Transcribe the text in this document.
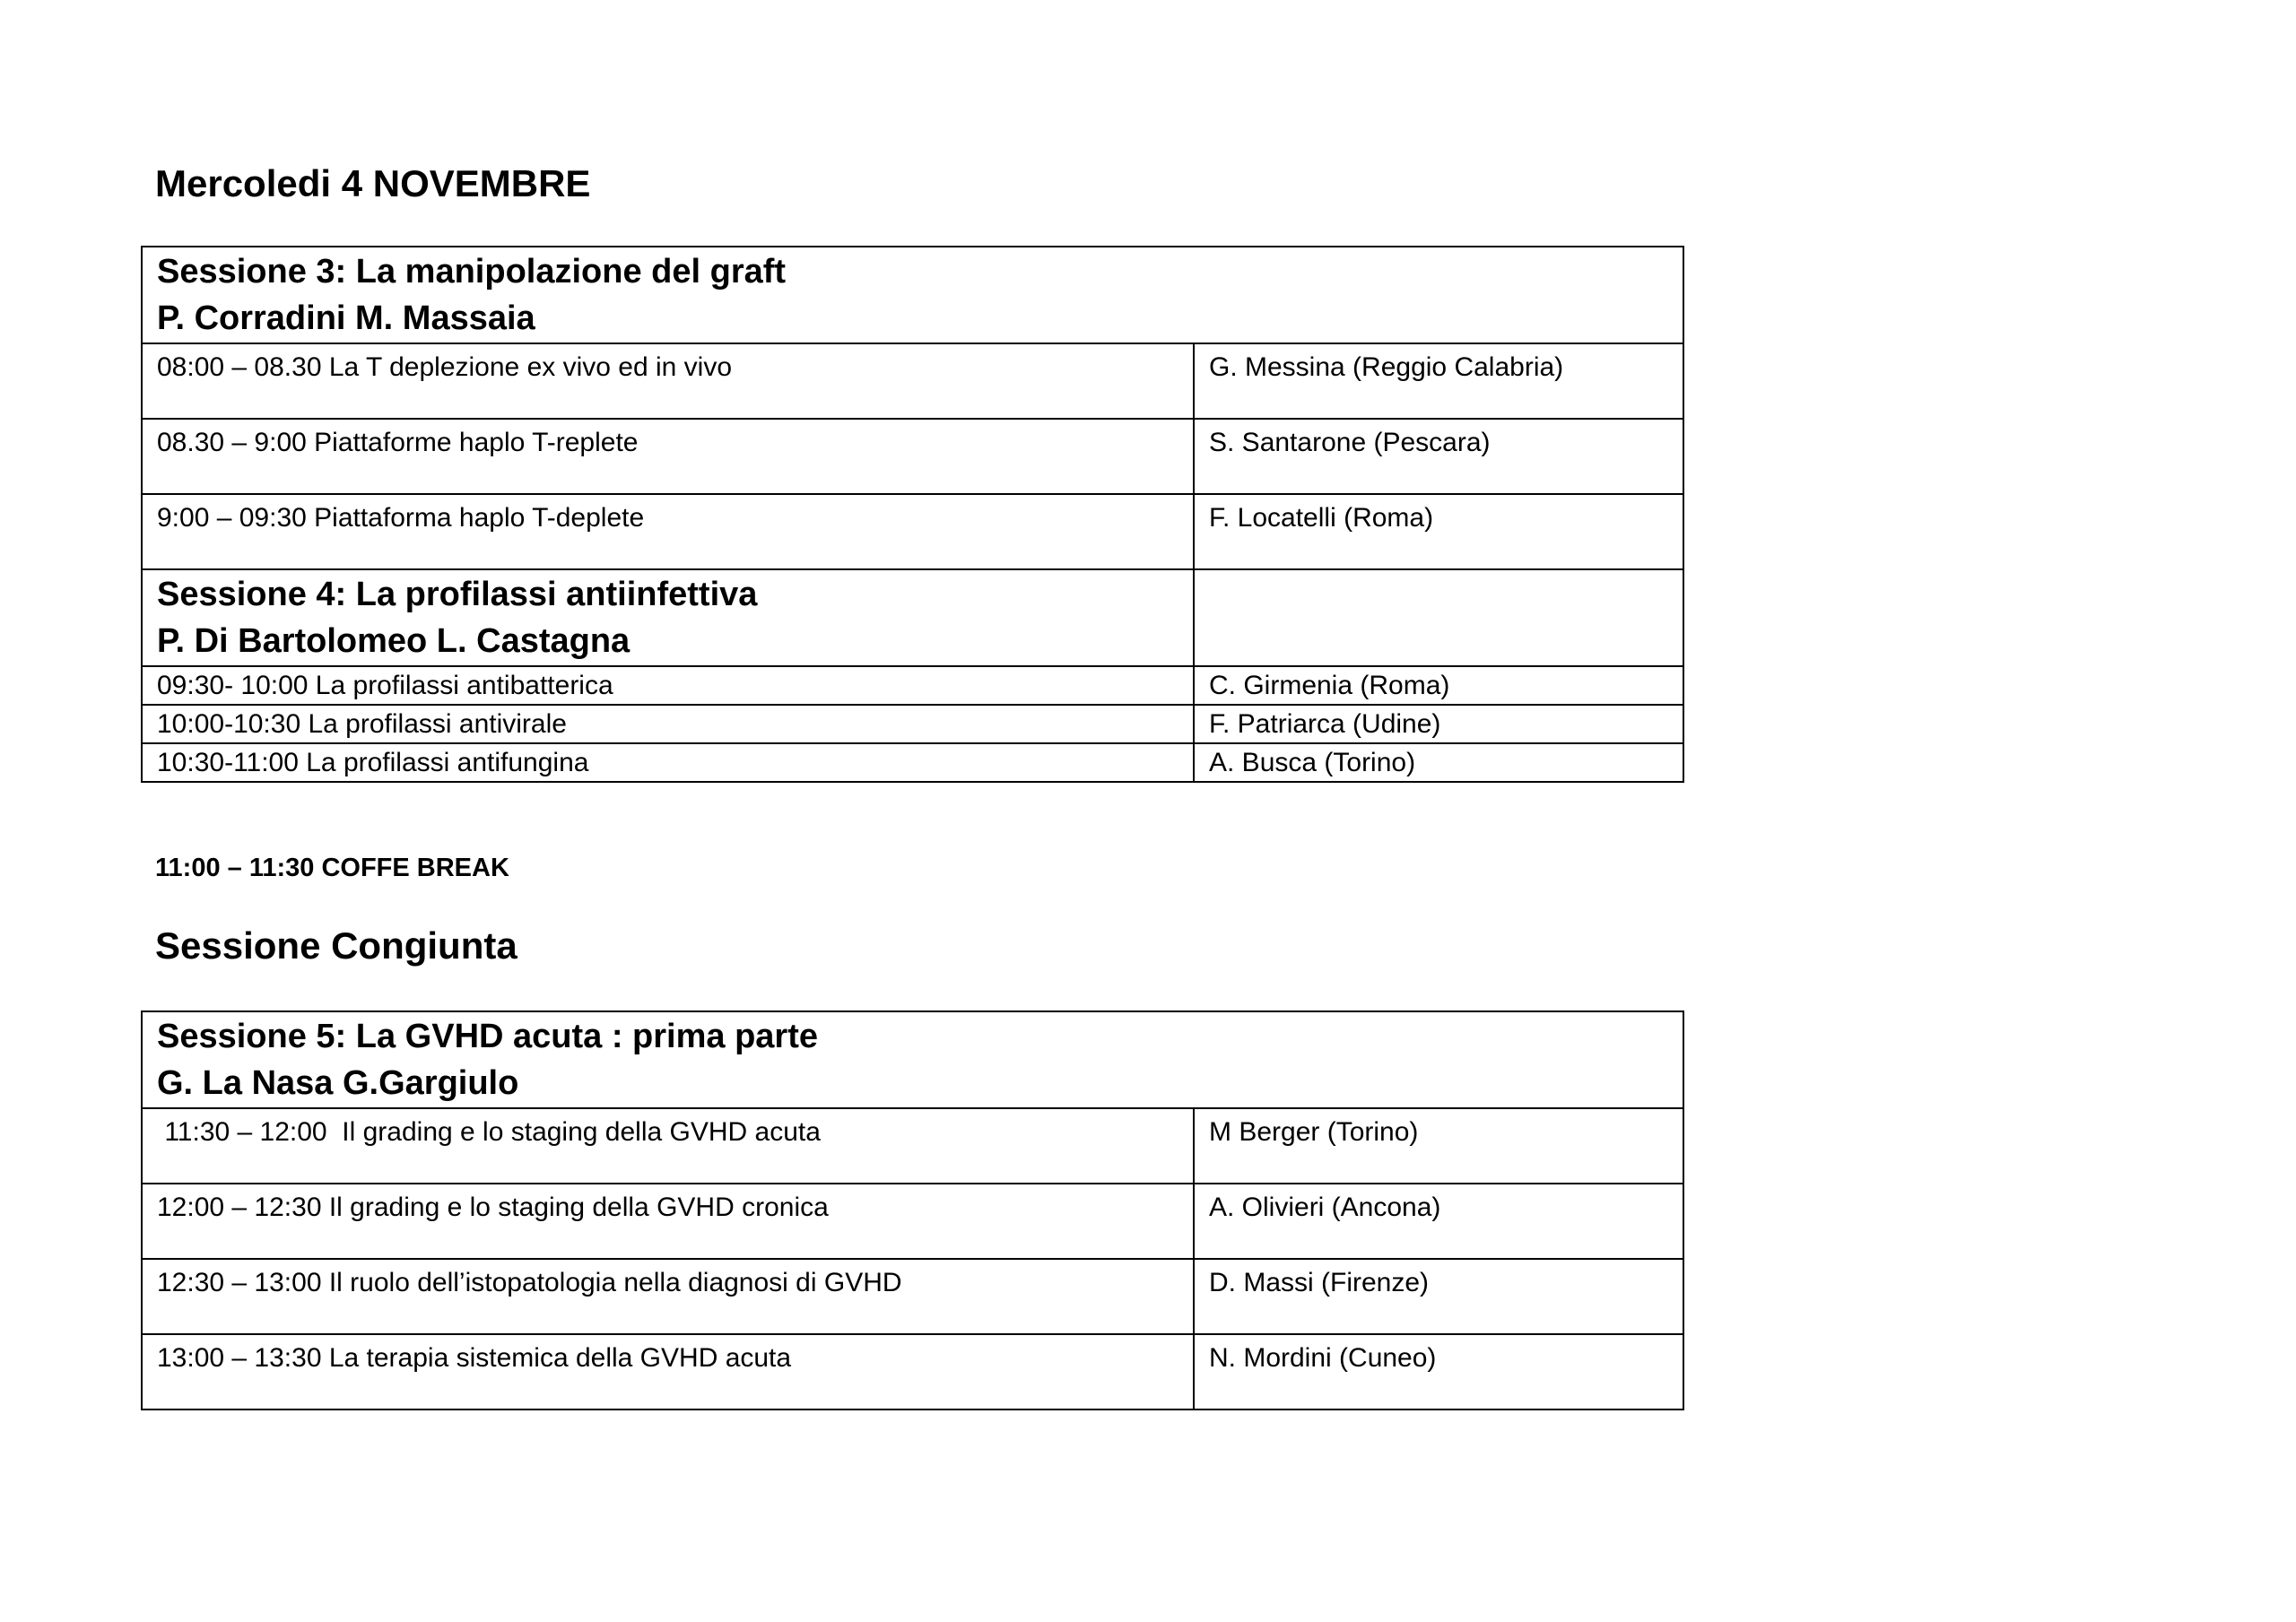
Mercoledi 4 NOVEMBRE
Sessione 3: La manipolazione del graft
P. Corradini M. Massaia	

08:00 – 08.30 La T deplezione ex vivo ed in vivo	G. Messina (Reggio Calabria)
08.30 – 9:00 Piattaforme haplo T-replete	S. Santarone (Pescara)
9:00 – 09:30 Piattaforma haplo T-deplete	F. Locatelli (Roma)

Sessione 4: La profilassi antiinfettiva
P. Di Bartolomeo L. Castagna	

09:30- 10:00 La profilassi antibatterica	C. Girmenia (Roma)
10:00-10:30 La profilassi antivirale	F. Patriarca (Udine)
10:30-11:00 La profilassi antifungina	A. Busca (Torino)

11:00 – 11:30 COFFE BREAK

Sessione Congiunta
Sessione 5: La GVHD acuta : prima parte
G. La Nasa G.Gargiulo	

11:30 – 12:00  Il grading e lo staging della GVHD acuta	M Berger (Torino)
12:00 – 12:30 Il grading e lo staging della GVHD cronica	A. Olivieri (Ancona)
12:30 – 13:00 Il ruolo dell’istopatologia nella diagnosi di GVHD	D. Massi (Firenze)
13:00 – 13:30 La terapia sistemica della GVHD acuta	N. Mordini (Cuneo)
